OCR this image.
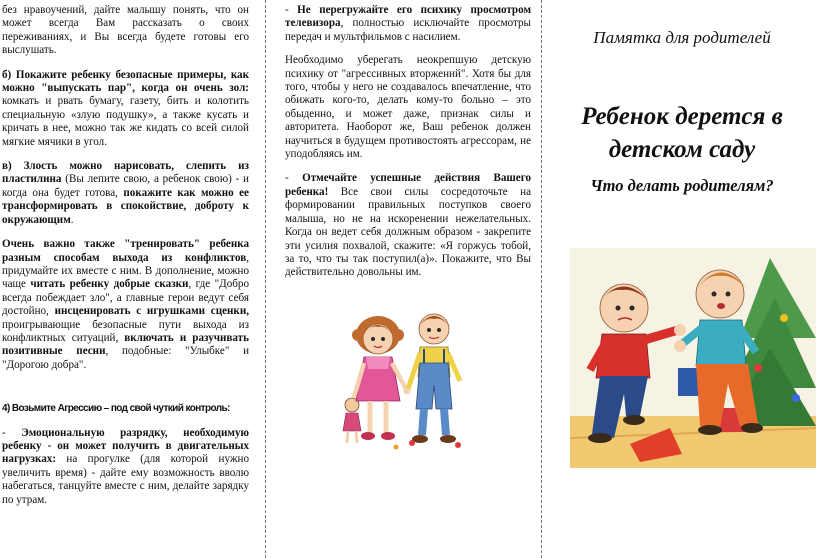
без нравоучений, дайте малышу понять, что он может всегда Вам рассказать о своих переживаниях, и Вы всегда будете готовы его выслушать.

б) Покажите ребенку безопасные примеры, как можно "выпускать пар", когда он очень зол: комкать и рвать бумагу, газету, бить и колотить специальную «злую подушку», а также кусать и кричать в нее, можно так же кидать со всей силой мягкие мячики в угол.

в) Злость можно нарисовать, слепить из пластилина (Вы лепите свою, а ребенок свою) - и когда она будет готова, покажите как можно ее трансформировать в спокойствие, доброту к окружающим.

Очень важно также "тренировать" ребенка разным способам выхода из конфликтов, придумайте их вместе с ним. В дополнение, можно чаще читать ребенку добрые сказки, где "Добро всегда побеждает зло", а главные герои ведут себя достойно, инсценировать с игрушками сценки, проигрывающие безопасные пути выхода из конфликтных ситуаций, включать и разучивать позитивные песни, подобные: "Улыбке" и "Дорогою добра".

4) Возьмите Агрессию – под свой чуткий контроль:

- Эмоциональную разрядку, необходимую ребенку - он может получить в двигательных нагрузках: на прогулке (для которой нужно увеличить время) - дайте ему возможность вволю набегаться, танцуйте вместе с ним, делайте зарядку по утрам.

- Не перегружайте его психику просмотром телевизора, полностью исключайте просмотры передач и мультфильмов с насилием.

Необходимо уберегать неокрепшую детскую психику от "агрессивных вторжений". Хотя бы для того, чтобы у него не создавалось впечатление, что обижать кого-то, делать кому-то больно – это обыденно, и может даже, признак силы и авторитета. Наоборот же, Ваш ребенок должен научиться в будущем противостоять агрессорам, не уподобляясь им.

- Отмечайте успешные действия Вашего ребенка! Все свои силы сосредоточьте на формировании правильных поступков своего малыша, но не на искоренении нежелательных. Когда он ведет себя должным образом - закрепите эти усилия похвалой, скажите: «Я горжусь тобой, за то, что ты так поступил(а)». Покажите, что Вы действительно довольны им.

Памятка для родителей
Ребенок дерется в детском саду
Что делать родителям?
